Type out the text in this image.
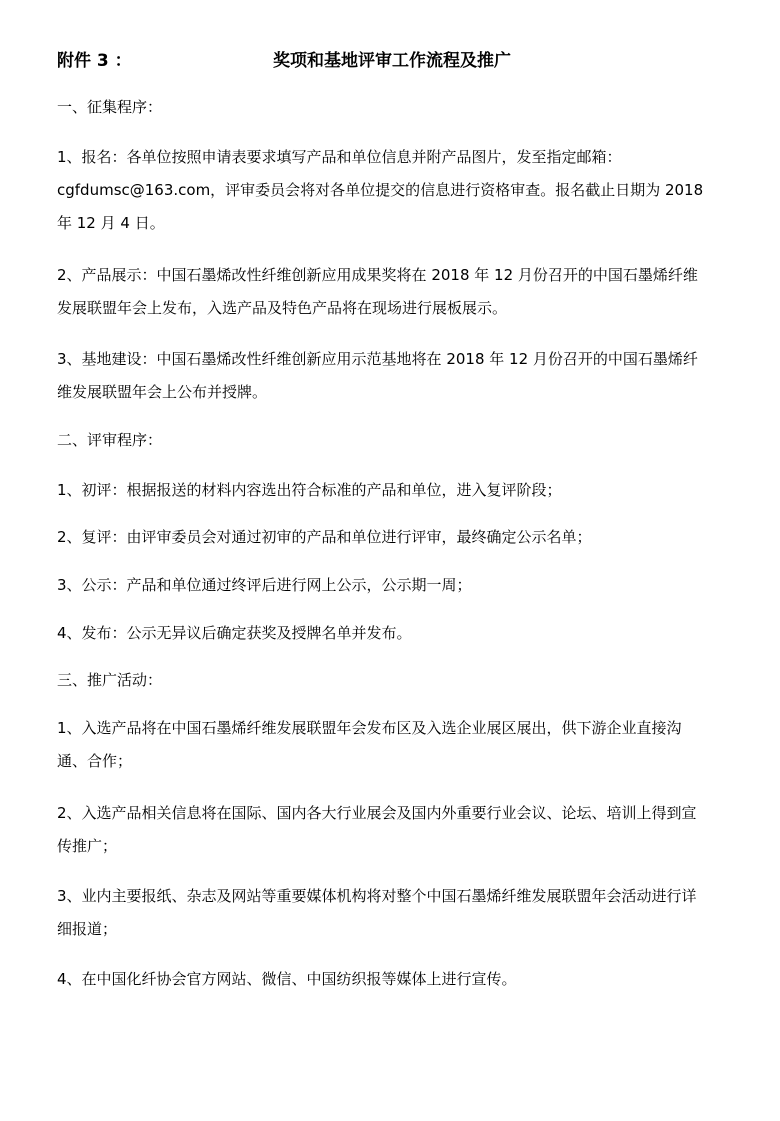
附件 3 ：	奖项和基地评审工作流程及推广
一、征集程序：

1、报名：各单位按照申请表要求填写产品和单位信息并附产品图片，发至指定邮箱：cgfdumsc@163.com，评审委员会将对各单位提交的信息进行资格审查。报名截止日期为 2018 年 12 月 4 日。

2、产品展示：中国石墨烯改性纤维创新应用成果奖将在 2018 年 12 月份召开的中国石墨烯纤维发展联盟年会上发布，入选产品及特色产品将在现场进行展板展示。

3、基地建设：中国石墨烯改性纤维创新应用示范基地将在 2018 年 12 月份召开的中国石墨烯纤维发展联盟年会上公布并授牌。

二、评审程序：

1、初评：根据报送的材料内容选出符合标准的产品和单位，进入复评阶段；

2、复评：由评审委员会对通过初审的产品和单位进行评审，最终确定公示名单；

3、公示：产品和单位通过终评后进行网上公示，公示期一周；

4、发布：公示无异议后确定获奖及授牌名单并发布。

三、推广活动：

1、入选产品将在中国石墨烯纤维发展联盟年会发布区及入选企业展区展出，供下游企业直接沟通、合作；

2、入选产品相关信息将在国际、国内各大行业展会及国内外重要行业会议、论坛、培训上得到宣传推广；

3、业内主要报纸、杂志及网站等重要媒体机构将对整个中国石墨烯纤维发展联盟年会活动进行详细报道；

4、在中国化纤协会官方网站、微信、中国纺织报等媒体上进行宣传。
